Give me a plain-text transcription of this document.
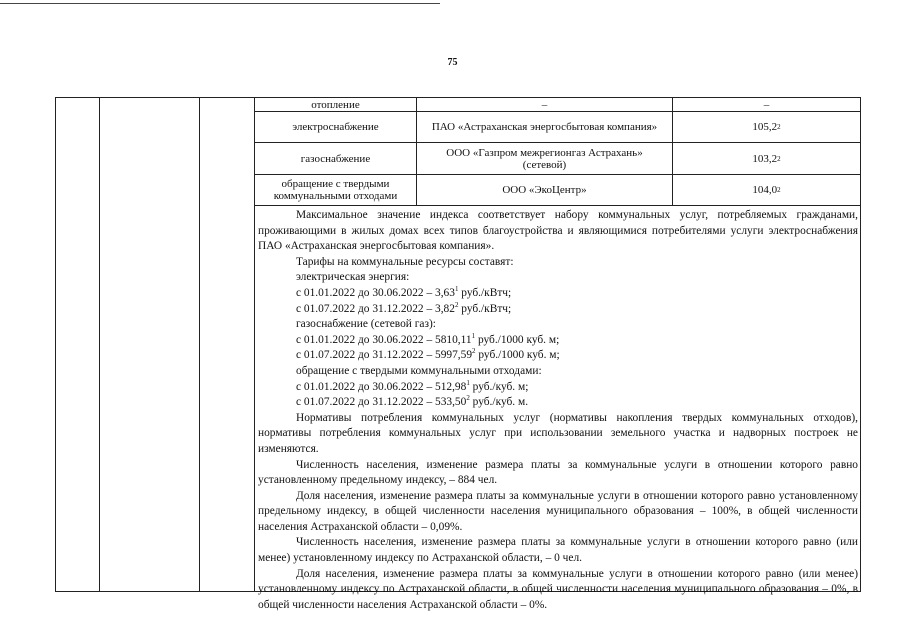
75
отопление	–	–
электроснабжение	ПАО «Астраханская энергосбытовая компания»	105,2 2
газоснабжение	ООО «Газпром межрегионгаз Астрахань» (сетевой)	103,2 2
обращение с твердыми коммунальными отходами	ООО «ЭкоЦентр»	104,0 2

Максимальное значение индекса соответствует набору коммунальных услуг, потребляемых гражданами, проживающими в жилых домах всех типов благоустройства и являющимися потребителями услуги электроснабжения ПАО «Астраханская энергосбытовая компания».

Тарифы на коммунальные ресурсы составят:

электрическая энергия:

с 01.01.2022 до 30.06.2022 – 3,63$^1$ руб./кВтч;

с 01.07.2022 до 31.12.2022 – 3,82$^2$ руб./кВтч;

газоснабжение (сетевой газ):

с 01.01.2022 до 30.06.2022 – 5810,11$^1$ руб./1000 куб. м;

с 01.07.2022 до 31.12.2022 – 5997,59$^2$ руб./1000 куб. м;

обращение с твердыми коммунальными отходами:

с 01.01.2022 до 30.06.2022 – 512,98$^1$ руб./куб. м;

с 01.07.2022 до 31.12.2022 – 533,50$^2$ руб./куб. м.

Нормативы потребления коммунальных услуг (нормативы накопления твердых коммунальных отходов), нормативы потребления коммунальных услуг при использовании земельного участка и надворных построек не изменяются.

Численность населения, изменение размера платы за коммунальные услуги в отношении которого равно установленному предельному индексу, – 884 чел.

Доля населения, изменение размера платы за коммунальные услуги в отношении которого равно установленному предельному индексу, в общей численности населения муниципального образования – 100%, в общей численности населения Астраханской области – 0,09%.

Численность населения, изменение размера платы за коммунальные услуги в отношении которого равно (или менее) установленному индексу по Астраханской области, – 0 чел.

Доля населения, изменение размера платы за коммунальные услуги в отношении которого равно (или менее) установленному индексу по Астраханской области, в общей численности населения муниципального образования – 0%, в общей численности населения Астраханской области – 0%.
